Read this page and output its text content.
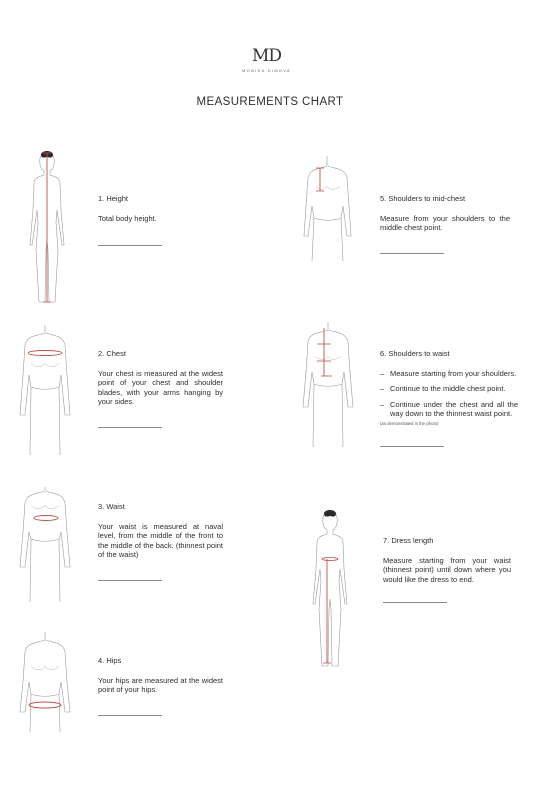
MD
MONIKA DIMOVA
MEASUREMENTS CHART
1. Height
Total body height.
5. Shoulders to mid-chest
Measure from your shoulders to the middle chest point.
2. Chest
Your chest is measured at the widest point of your chest and shoulder blades, with your arms hanging by your sides.
6. Shoulders to waist
– Measure starting from your shoulders.
– Continue to the middle chest point.
– Continue under the chest and all the way down to the thinnest waist point.
(as demonstrated in the photo)
3. Waist
Your waist is measured at naval level, from the middle of the front to the middle of the back. (thinnest point of the waist)
7. Dress length
Measure starting from your waist (thinnest point) until down where you would like the dress to end.
4. Hips
Your hips are measured at the widest point of your hips.
